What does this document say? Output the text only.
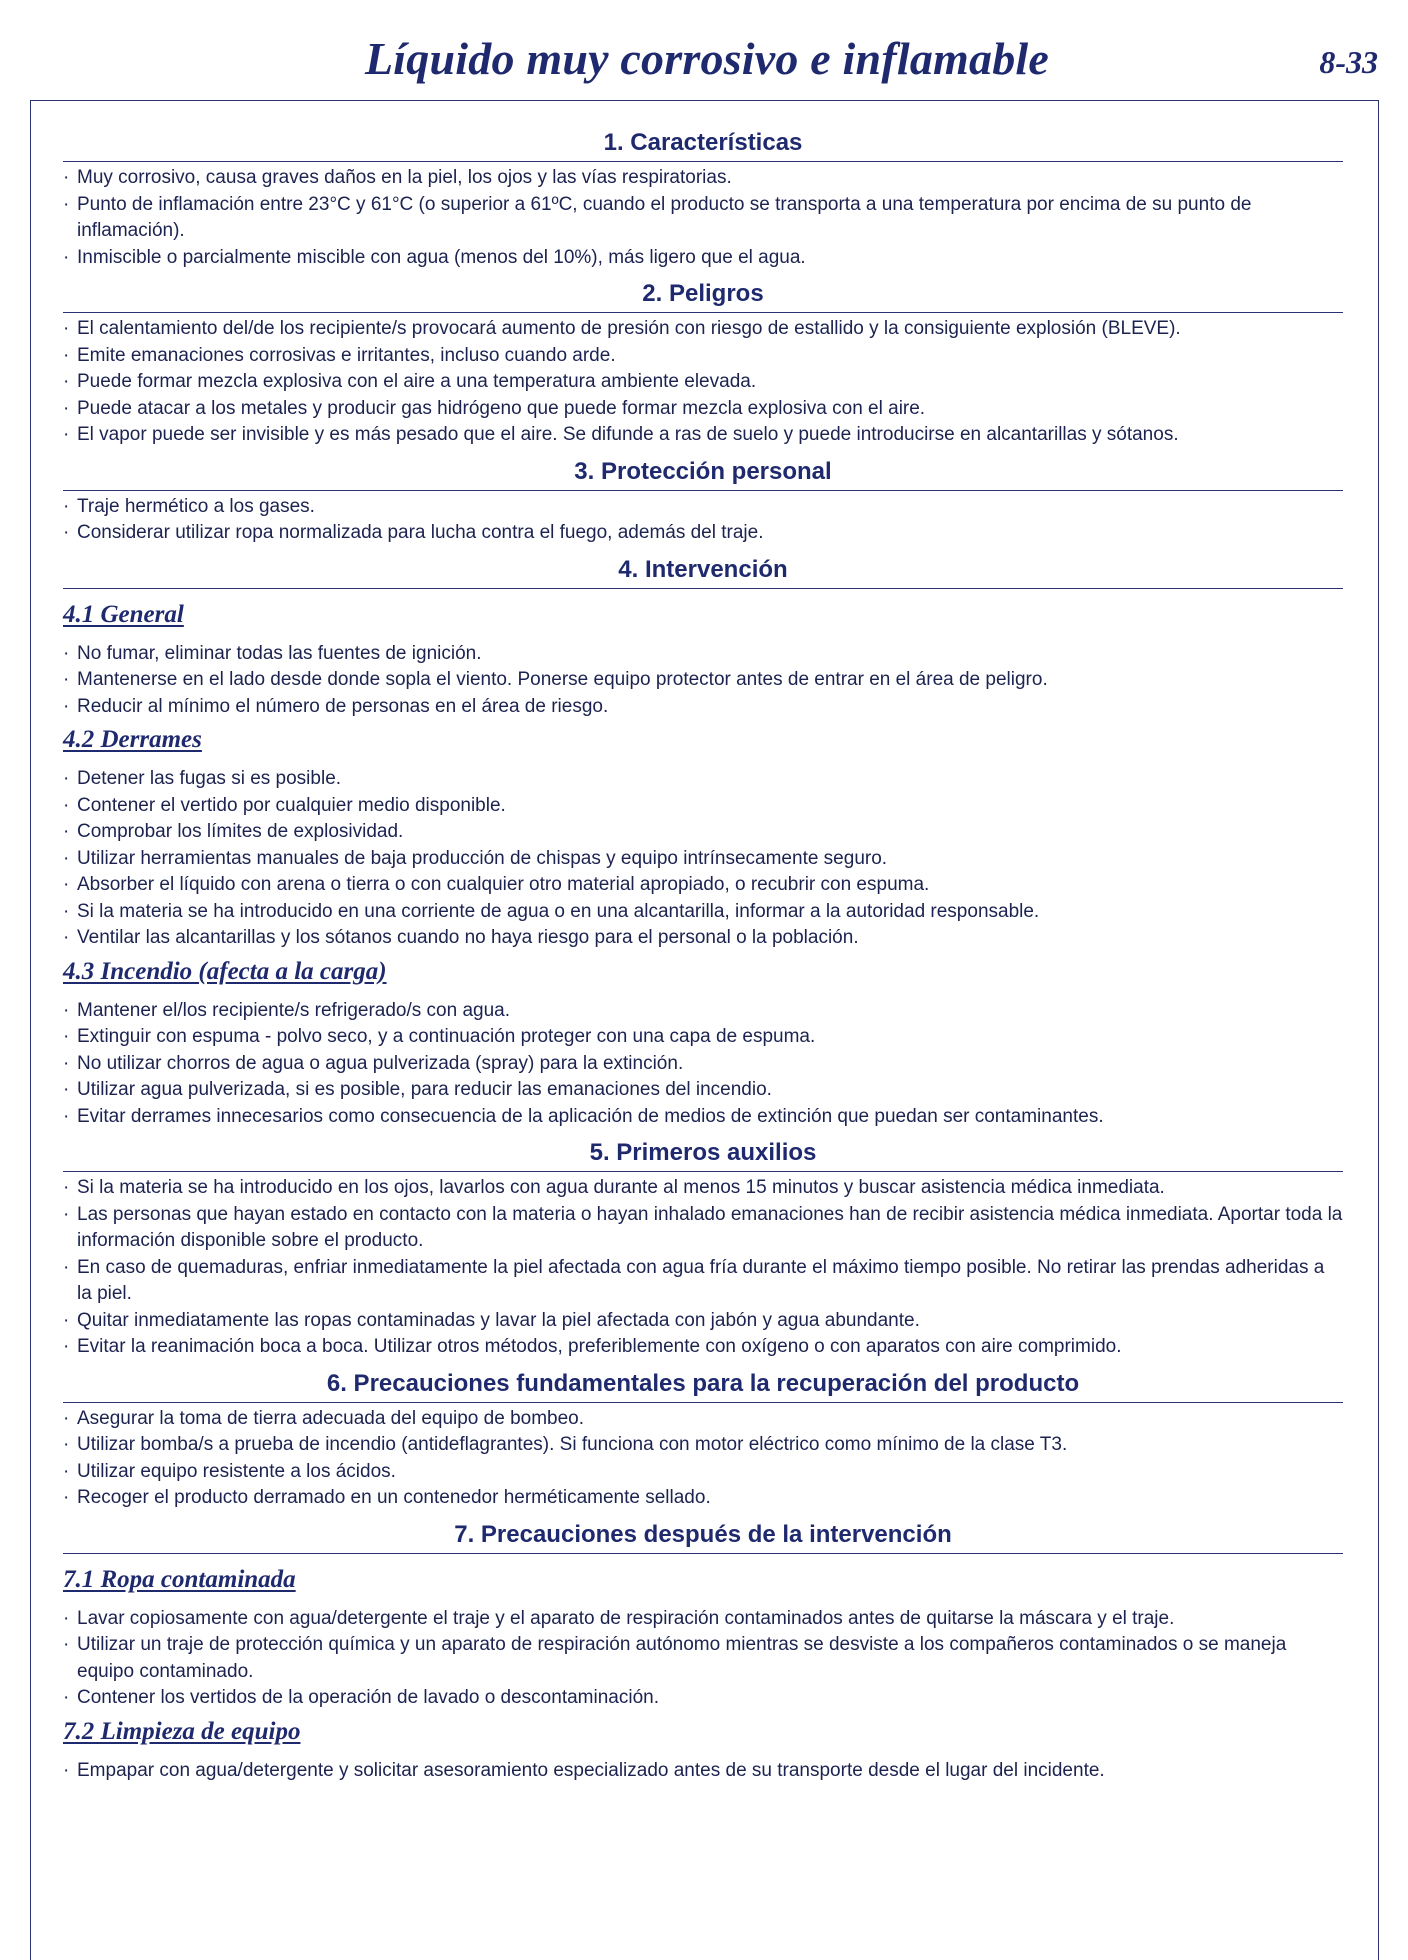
Líquido muy corrosivo e inflamable	8-33
1. Características
· Muy corrosivo, causa graves daños en la piel, los ojos y las vías respiratorias.
· Punto de inflamación entre 23°C y 61°C (o superior a 61ºC, cuando el producto se transporta a una temperatura por encima de su punto de inflamación).
· Inmiscible o parcialmente miscible con agua (menos del 10%), más ligero que el agua.
2. Peligros
· El calentamiento del/de los recipiente/s provocará aumento de presión con riesgo de estallido y la consiguiente explosión (BLEVE).
· Emite emanaciones corrosivas e irritantes, incluso cuando arde.
· Puede formar mezcla explosiva con el aire a una temperatura ambiente elevada.
· Puede atacar a los metales y producir gas hidrógeno que puede formar mezcla explosiva con el aire.
· El vapor puede ser invisible y es más pesado que el aire. Se difunde a ras de suelo y puede introducirse en alcantarillas y sótanos.
3. Protección personal
· Traje hermético a los gases.
· Considerar utilizar ropa normalizada para lucha contra el fuego, además del traje.
4. Intervención
4.1 General
· No fumar, eliminar todas las fuentes de ignición.
· Mantenerse en el lado desde donde sopla el viento. Ponerse equipo protector antes de entrar en el área de peligro.
· Reducir al mínimo el número de personas en el área de riesgo.
4.2 Derrames
· Detener las fugas si es posible.
· Contener el vertido por cualquier medio disponible.
· Comprobar los límites de explosividad.
· Utilizar herramientas manuales de baja producción de chispas y equipo intrínsecamente seguro.
· Absorber el líquido con arena o tierra o con cualquier otro material apropiado, o recubrir con espuma.
· Si la materia se ha introducido en una corriente de agua o en una alcantarilla, informar a la autoridad responsable.
· Ventilar las alcantarillas y los sótanos cuando no haya riesgo para el personal o la población.
4.3 Incendio (afecta a la carga)
· Mantener el/los recipiente/s refrigerado/s con agua.
· Extinguir con espuma - polvo seco, y a continuación proteger con una capa de espuma.
· No utilizar chorros de agua o agua pulverizada (spray) para la extinción.
· Utilizar agua pulverizada, si es posible, para reducir las emanaciones del incendio.
· Evitar derrames innecesarios como consecuencia de la aplicación de medios de extinción que puedan ser contaminantes.
5. Primeros auxilios
· Si la materia se ha introducido en los ojos, lavarlos con agua durante al menos 15 minutos y buscar asistencia médica inmediata.
· Las personas que hayan estado en contacto con la materia o hayan inhalado emanaciones han de recibir asistencia médica inmediata. Aportar toda la información disponible sobre el producto.
· En caso de quemaduras, enfriar inmediatamente la piel afectada con agua fría durante el máximo tiempo posible. No retirar las prendas adheridas a la piel.
· Quitar inmediatamente las ropas contaminadas y lavar la piel afectada con jabón y agua abundante.
· Evitar la reanimación boca a boca. Utilizar otros métodos, preferiblemente con oxígeno o con aparatos con aire comprimido.
6. Precauciones fundamentales para la recuperación del producto
· Asegurar la toma de tierra adecuada del equipo de bombeo.
· Utilizar bomba/s a prueba de incendio (antideflagrantes). Si funciona con motor eléctrico como mínimo de la clase T3.
· Utilizar equipo resistente a los ácidos.
· Recoger el producto derramado en un contenedor herméticamente sellado.
7. Precauciones después de la intervención
7.1 Ropa contaminada
· Lavar copiosamente con agua/detergente el traje y el aparato de respiración contaminados antes de quitarse la máscara y el traje.
· Utilizar un traje de protección química y un aparato de respiración autónomo mientras se desviste a los compañeros contaminados o se maneja equipo contaminado.
· Contener los vertidos de la operación de lavado o descontaminación.
7.2 Limpieza de equipo
· Empapar con agua/detergente y solicitar asesoramiento especializado antes de su transporte desde el lugar del incidente.
